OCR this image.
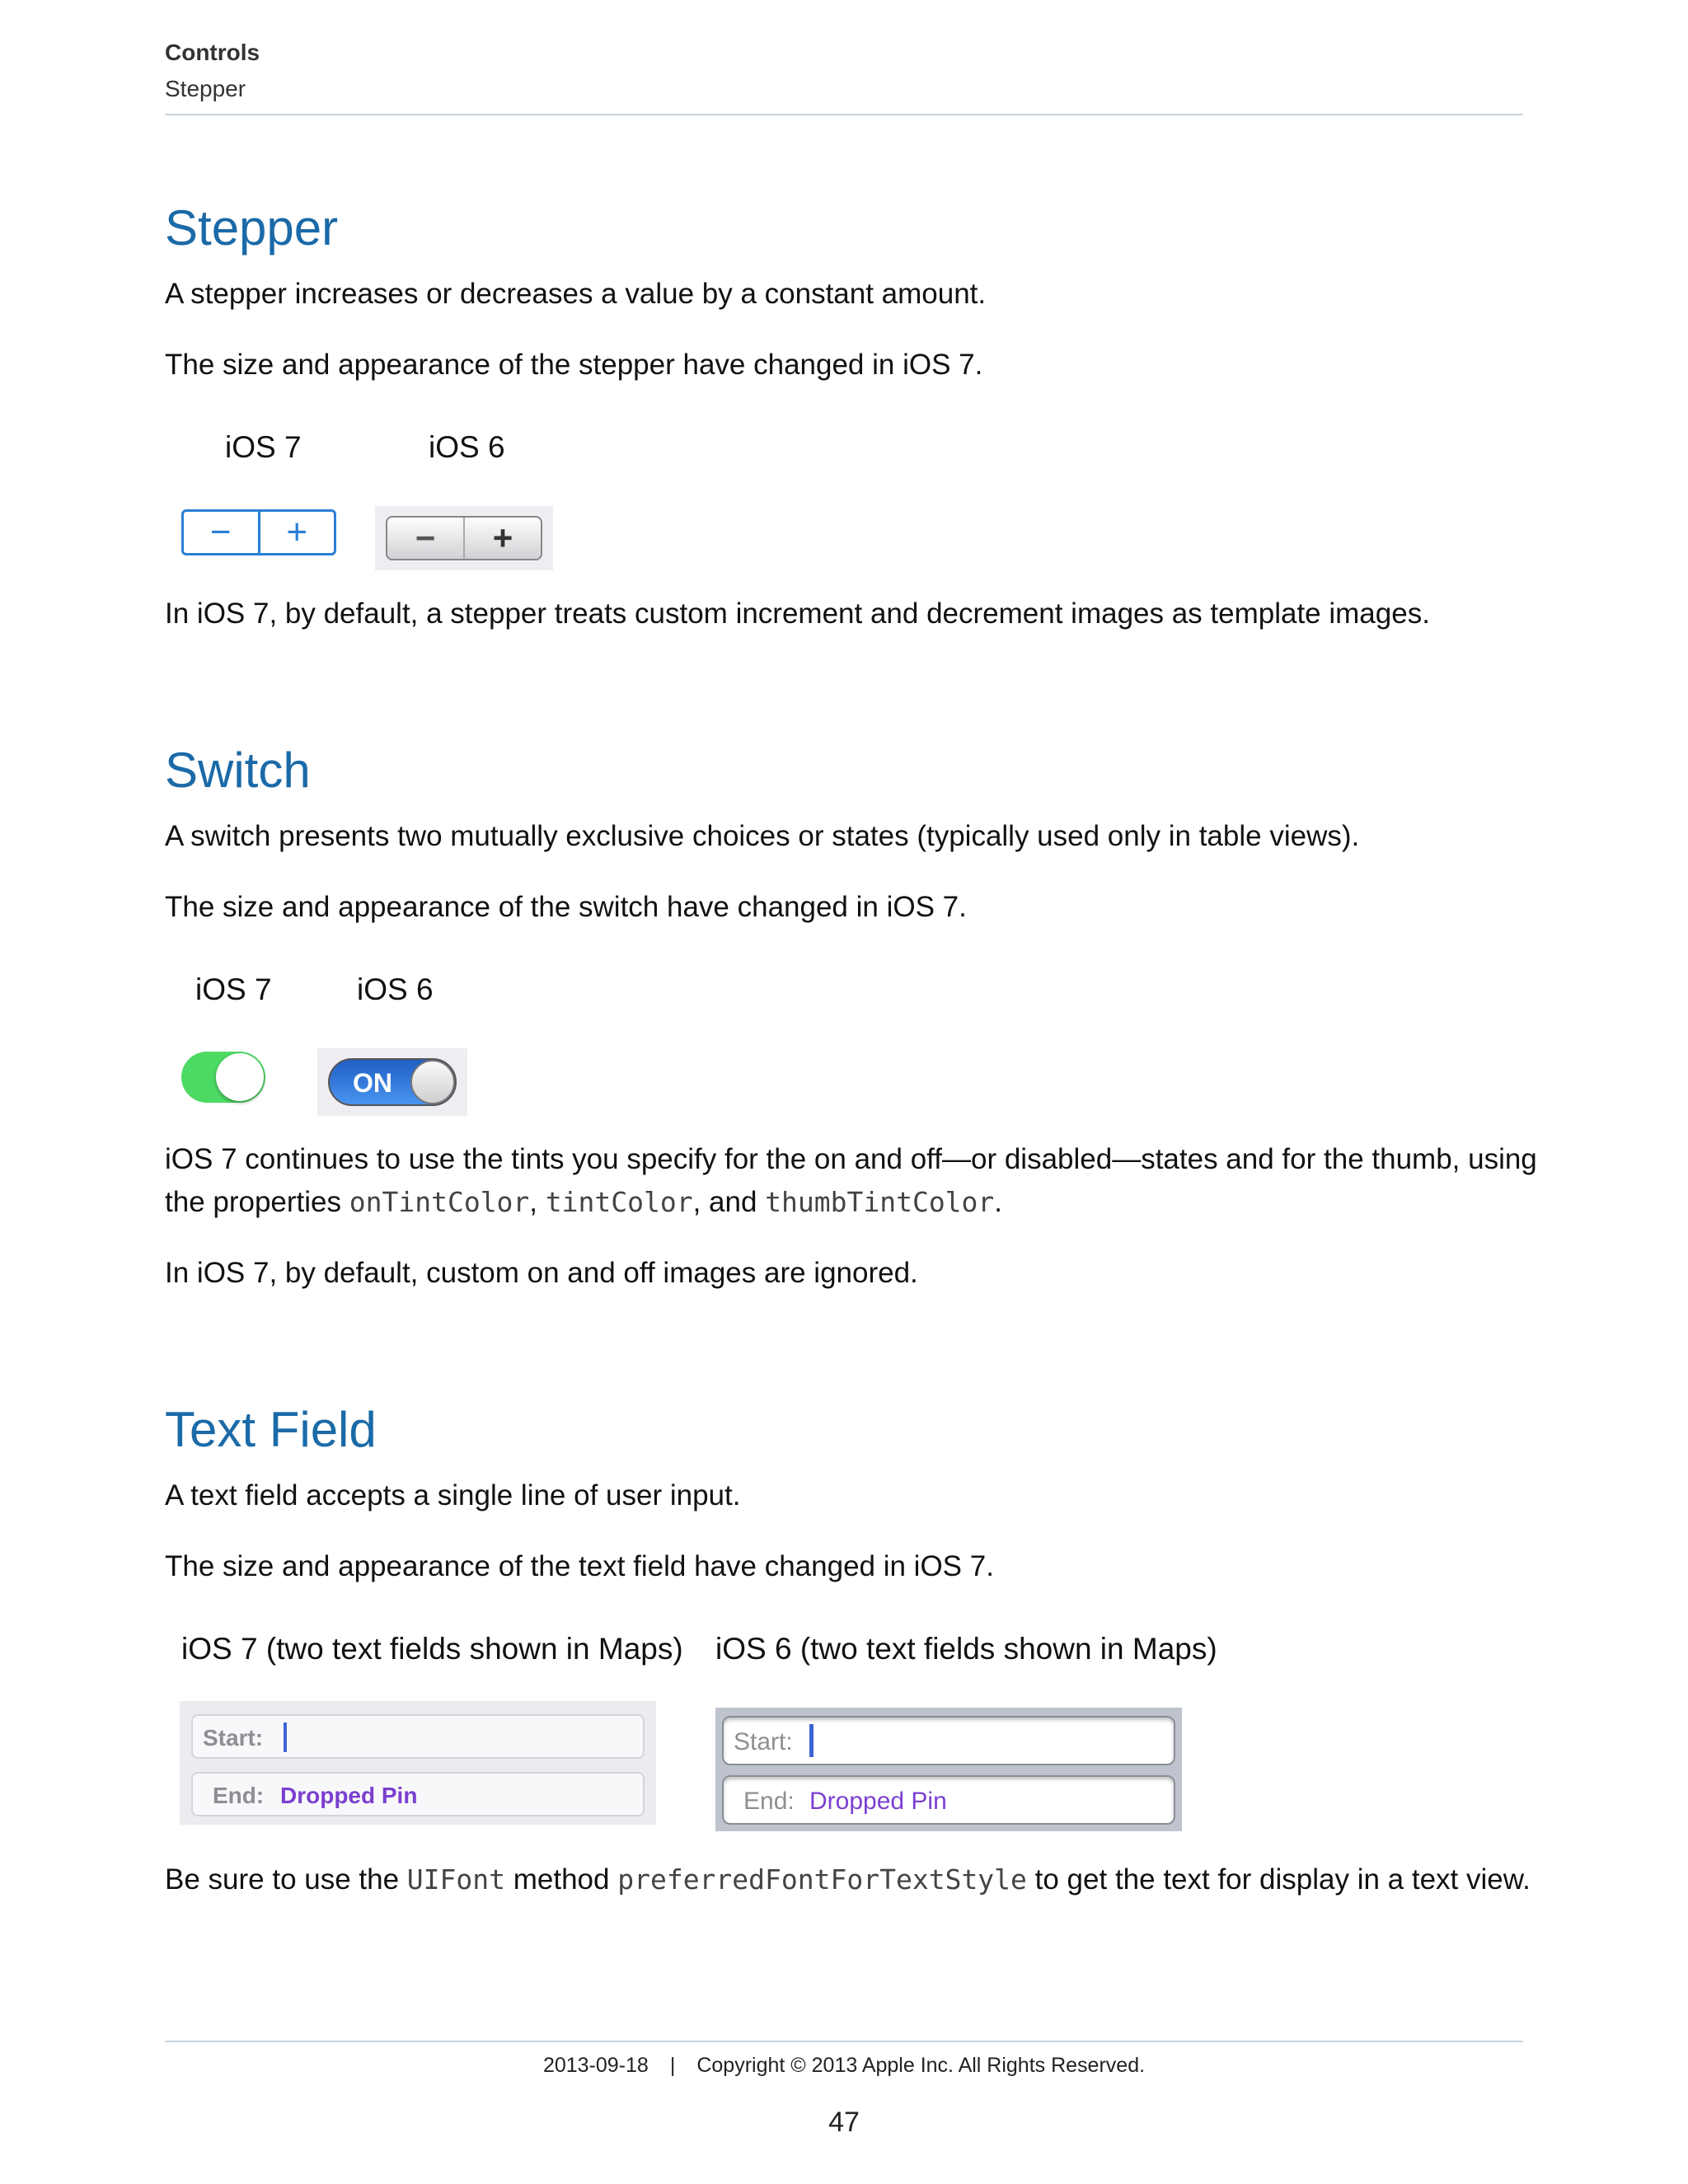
Controls
Stepper
Stepper

A stepper increases or decreases a value by a constant amount.

The size and appearance of the stepper have changed in iOS 7.

iOS 7	iOS 6
−	+	−	+

In iOS 7, by default, a stepper treats custom increment and decrement images as template images.

Switch

A switch presents two mutually exclusive choices or states (typically used only in table views).

The size and appearance of the switch have changed in iOS 7.

iOS 7	iOS 6
ON

iOS 7 continues to use the tints you specify for the on and off—or disabled—states and for the thumb, using

the properties onTintColor, tintColor, and thumbTintColor.

In iOS 7, by default, custom on and off images are ignored.

Text Field

A text field accepts a single line of user input.

The size and appearance of the text field have changed in iOS 7.

iOS 7 (two text fields shown in Maps) iOS 6 (two text fields shown in Maps)
Start:
End: Dropped Pin
Start:
End: Dropped Pin

Be sure to use the UIFont method preferredFontForTextStyle to get the text for display in a text view.

2013-09-18 | Copyright © 2013 Apple Inc. All Rights Reserved.
47
